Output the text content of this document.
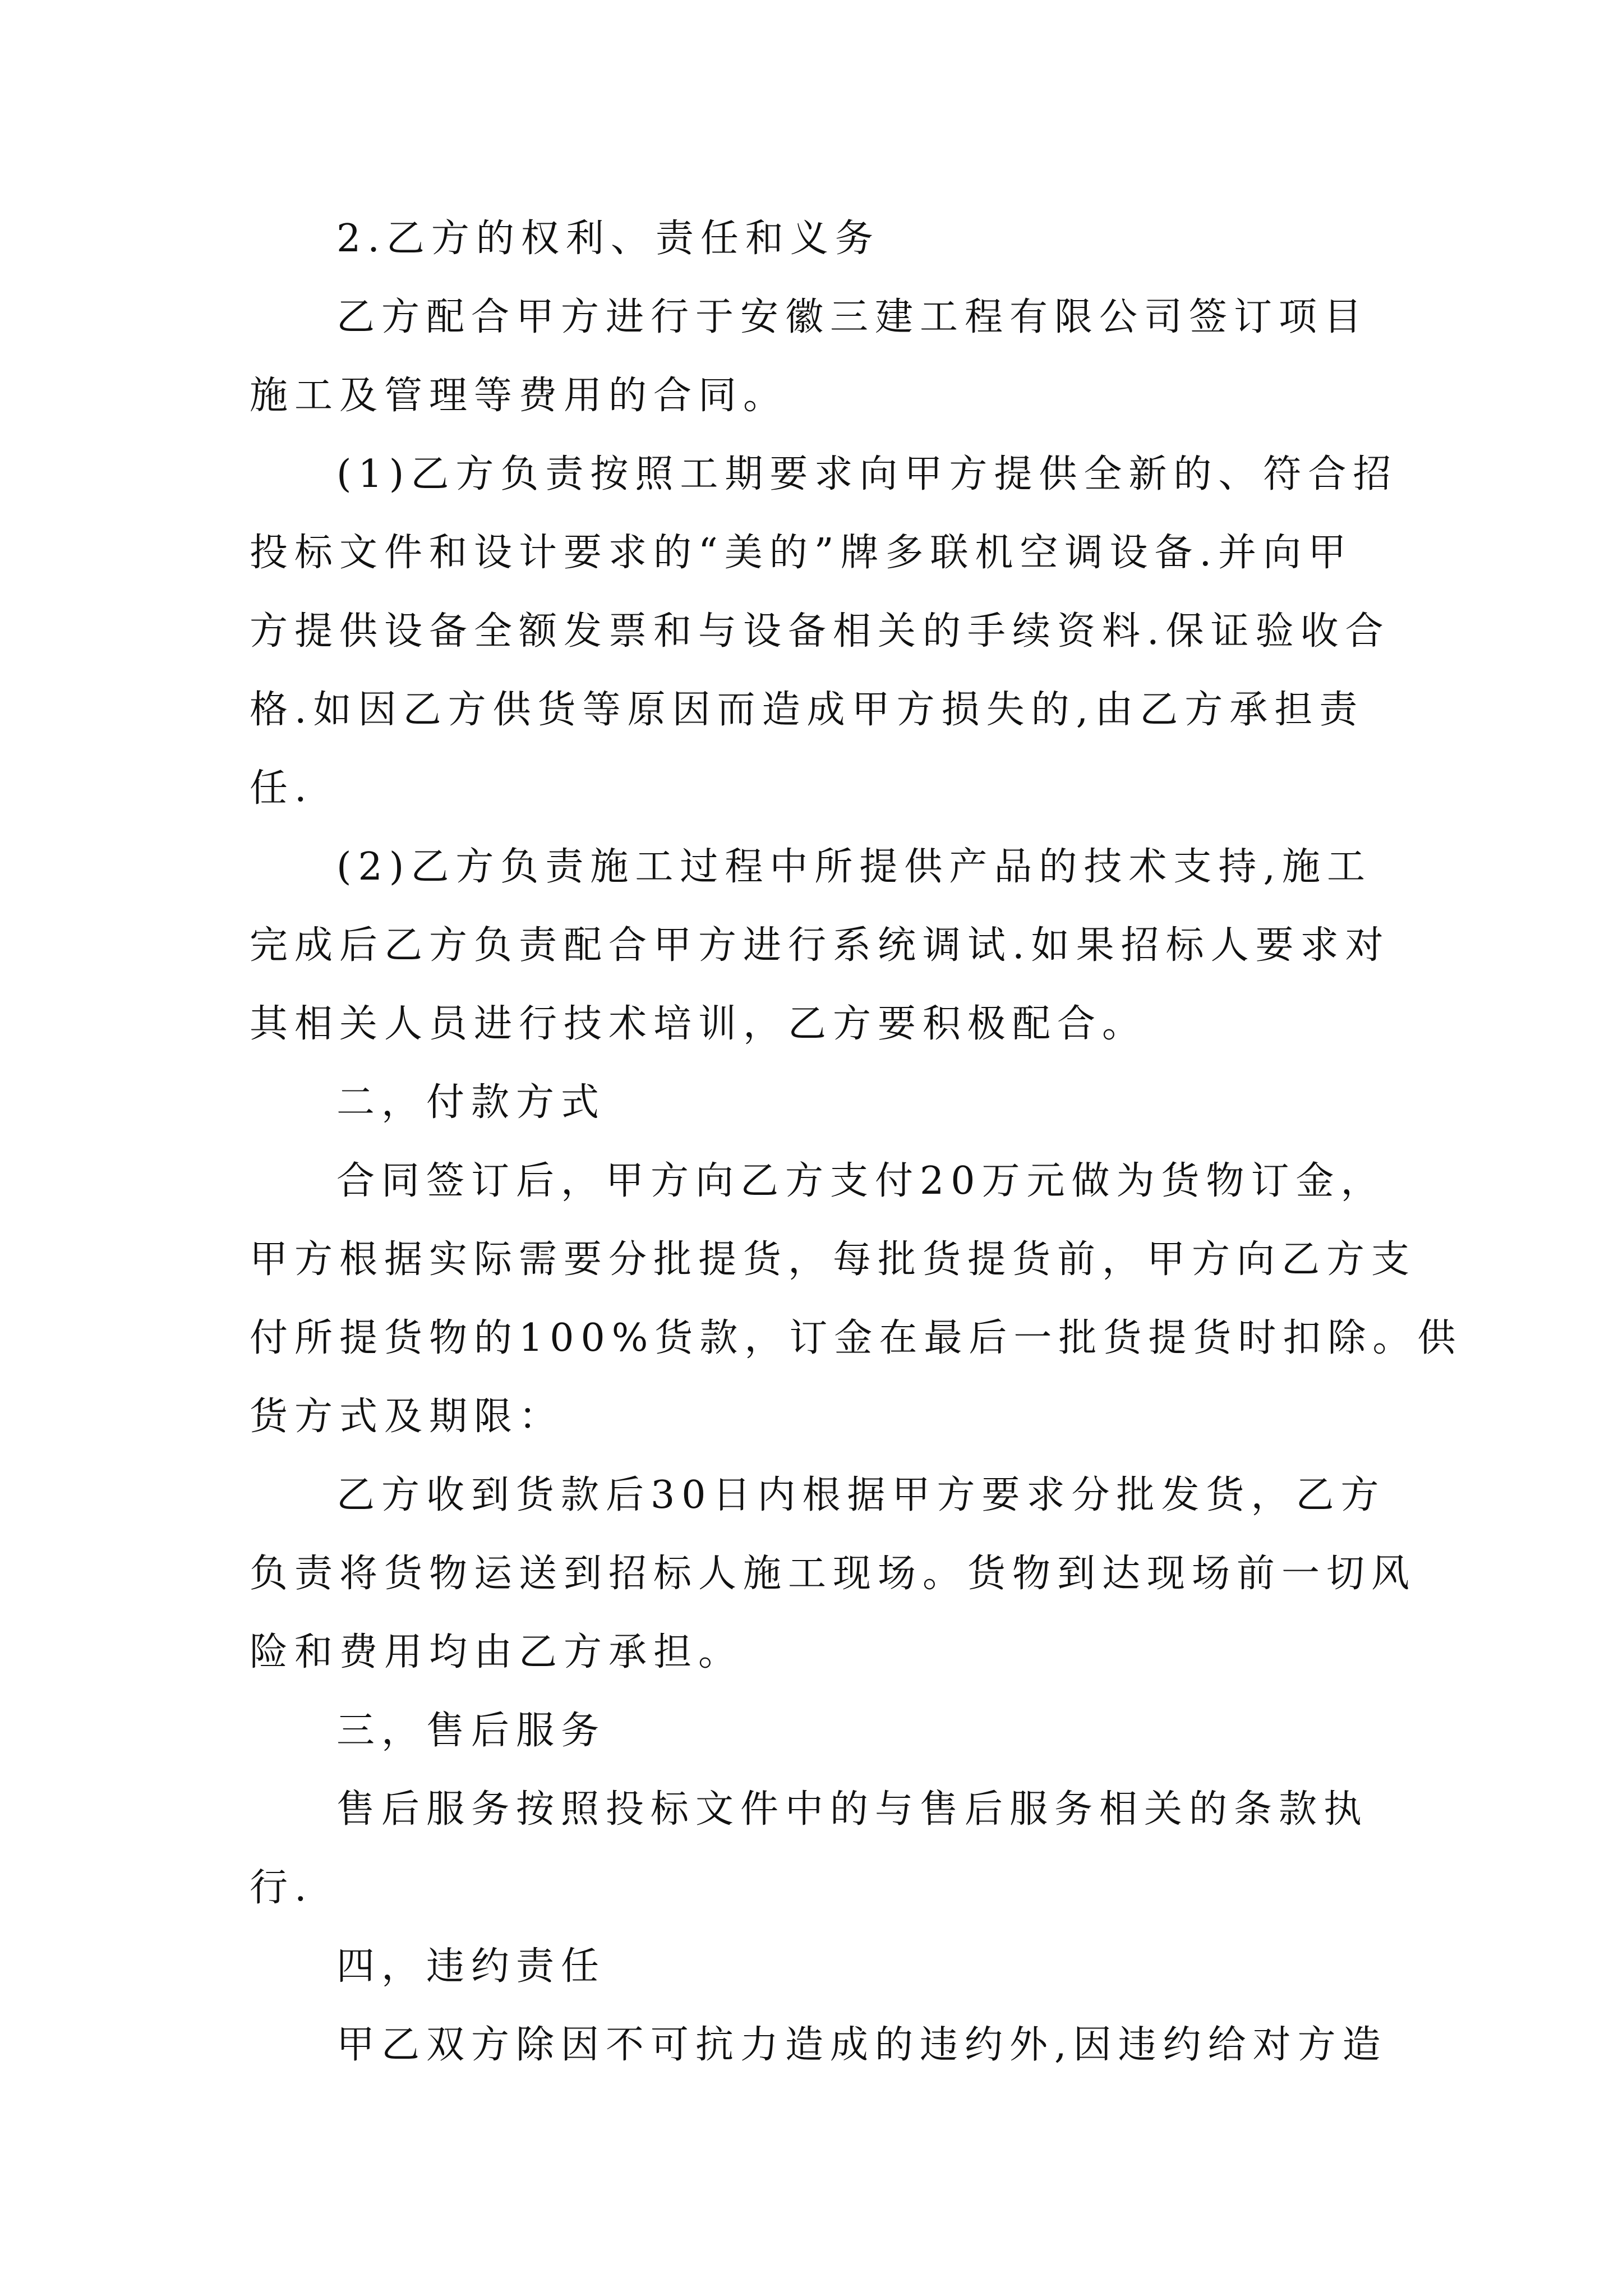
2.乙方的权利、责任和义务

乙方配合甲方进行于安徽三建工程有限公司签订项目

施工及管理等费用的合同。

(1)乙方负责按照工期要求向甲方提供全新的、符合招

投标文件和设计要求的“美的”牌多联机空调设备.并向甲

方提供设备全额发票和与设备相关的手续资料.保证验收合

格.如因乙方供货等原因而造成甲方损失的,由乙方承担责

任.

(2)乙方负责施工过程中所提供产品的技术支持,施工

完成后乙方负责配合甲方进行系统调试.如果招标人要求对

其相关人员进行技术培训，乙方要积极配合。

二，付款方式

合同签订后，甲方向乙方支付20万元做为货物订金，

甲方根据实际需要分批提货，每批货提货前，甲方向乙方支

付所提货物的100%货款，订金在最后一批货提货时扣除。供

货方式及期限：

乙方收到货款后30日内根据甲方要求分批发货，乙方

负责将货物运送到招标人施工现场。货物到达现场前一切风

险和费用均由乙方承担。

三，售后服务

售后服务按照投标文件中的与售后服务相关的条款执

行.

四，违约责任

甲乙双方除因不可抗力造成的违约外,因违约给对方造
